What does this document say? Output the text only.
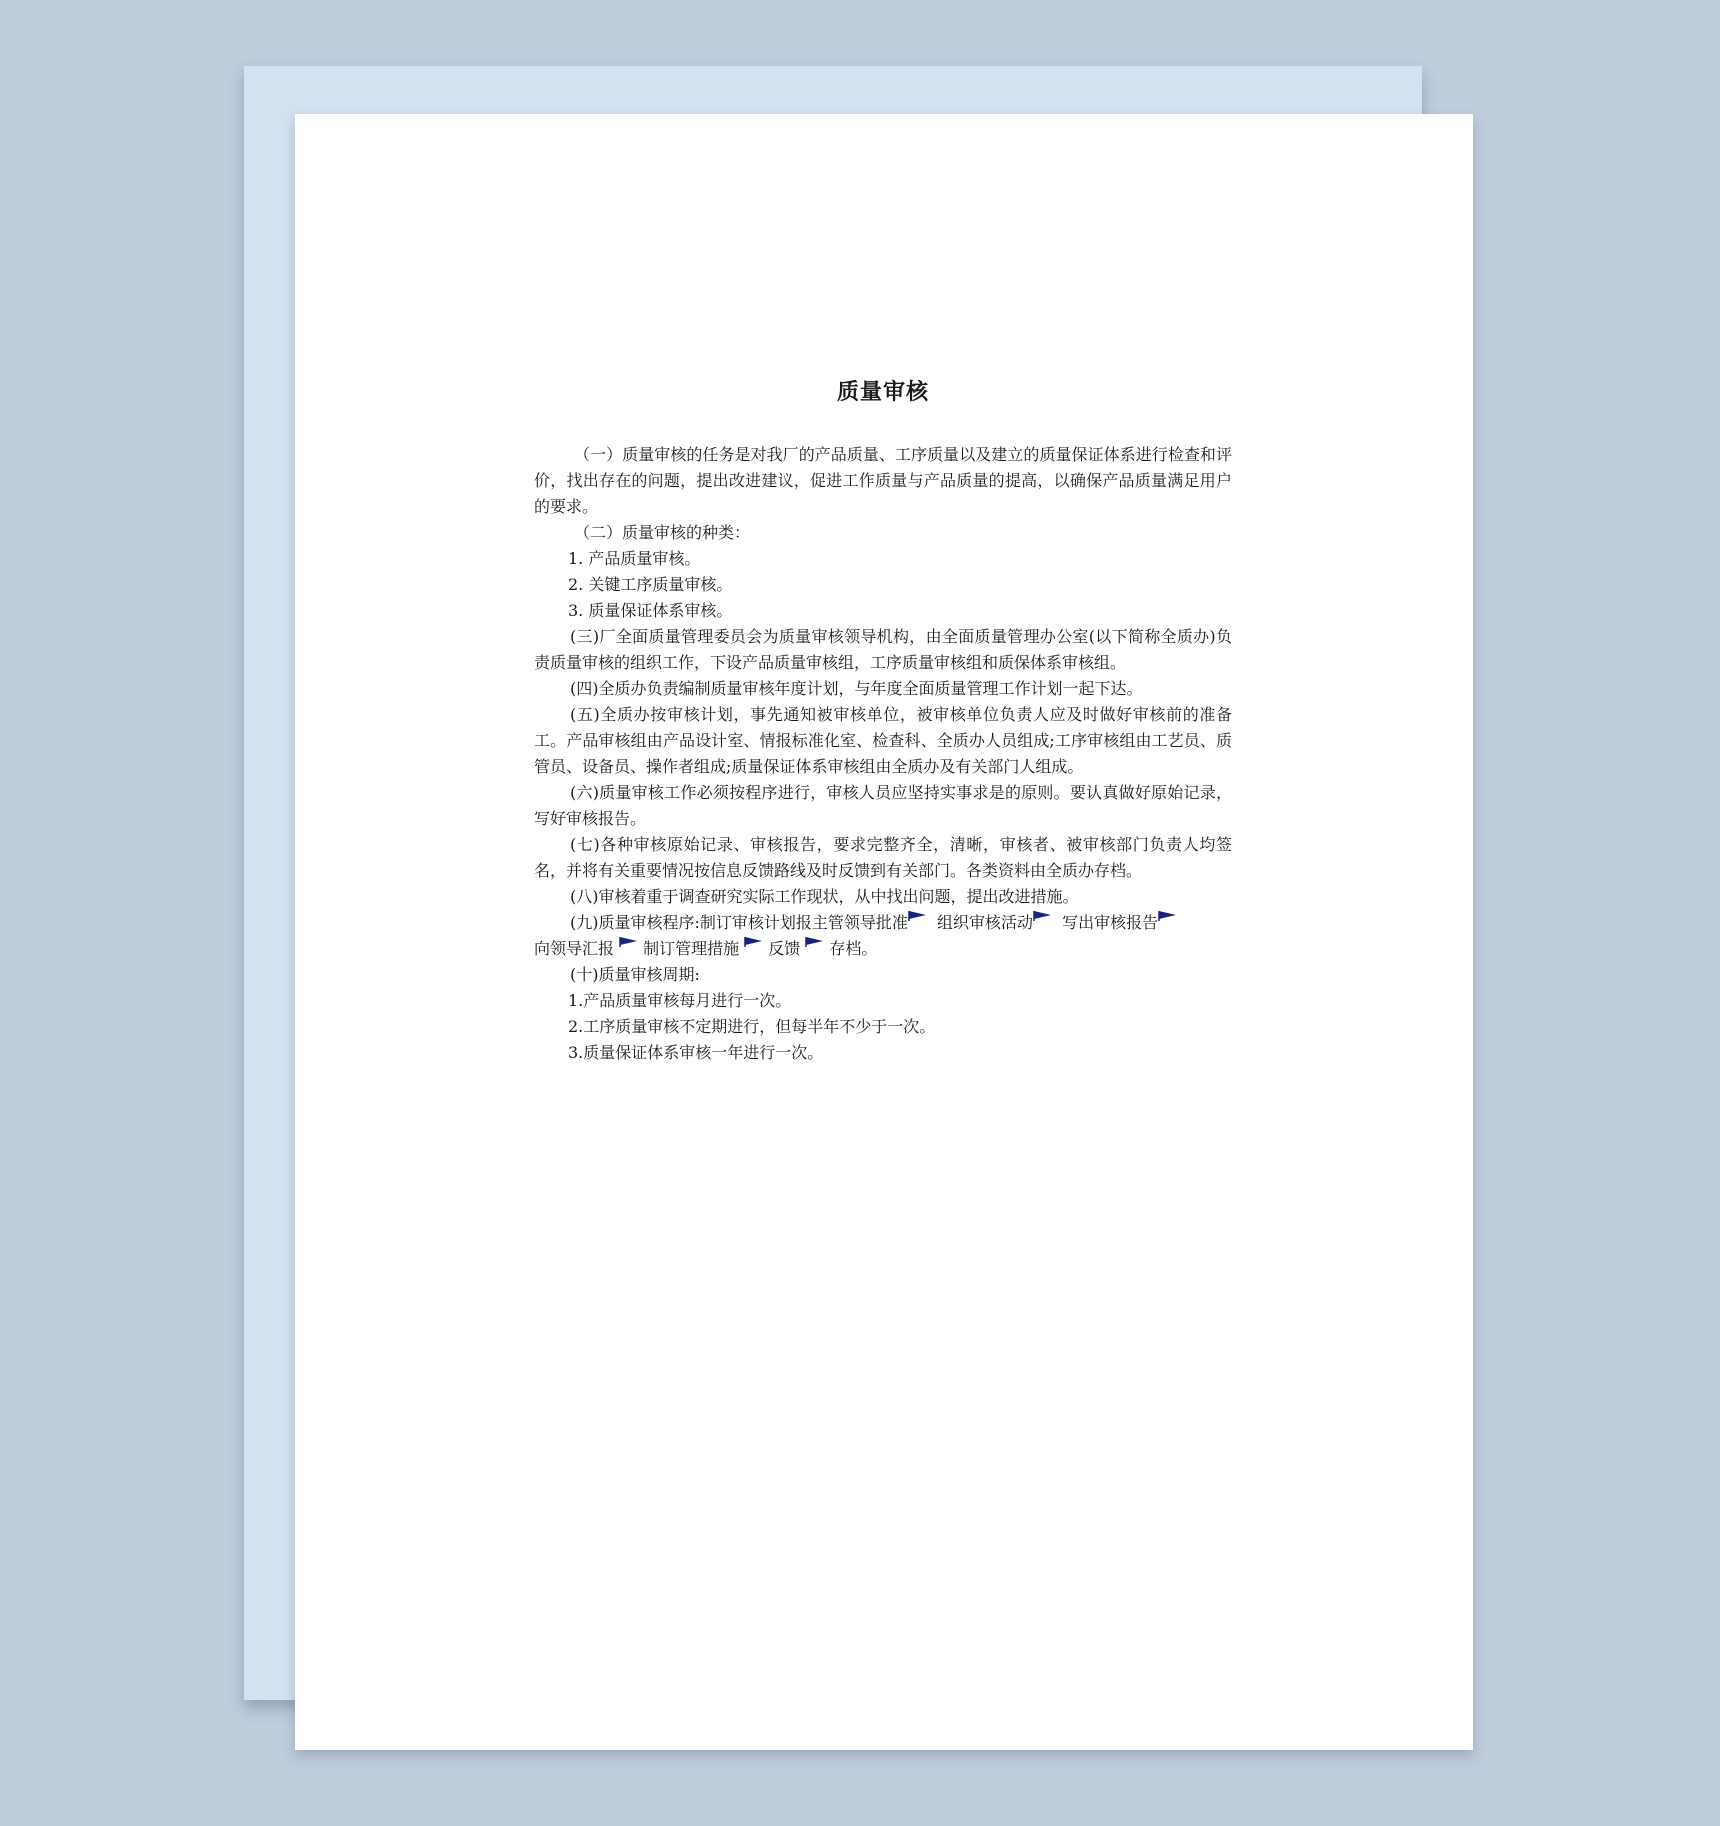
质量审核

（一）质量审核的任务是对我厂的产品质量、工序质量以及建立的质量保证体系进行检查和评价，找出存在的问题，提出改进建议，促进工作质量与产品质量的提高，以确保产品质量满足用户的要求。

（二）质量审核的种类：

1. 产品质量审核。

2. 关键工序质量审核。

3. 质量保证体系审核。

(三)厂全面质量管理委员会为质量审核领导机构，由全面质量管理办公室(以下简称全质办)负责质量审核的组织工作，下设产品质量审核组，工序质量审核组和质保体系审核组。

(四)全质办负责编制质量审核年度计划，与年度全面质量管理工作计划一起下达。

(五)全质办按审核计划，事先通知被审核单位，被审核单位负责人应及时做好审核前的准备工。产品审核组由产品设计室、情报标准化室、检查科、全质办人员组成;工序审核组由工艺员、质管员、设备员、操作者组成;质量保证体系审核组由全质办及有关部门人组成。

(六)质量审核工作必须按程序进行，审核人员应坚持实事求是的原则。要认真做好原始记录，写好审核报告。

(七)各种审核原始记录、审核报告，要求完整齐全，清晰，审核者、被审核部门负责人均签名，并将有关重要情况按信息反馈路线及时反馈到有关部门。各类资料由全质办存档。

(八)审核着重于调查研究实际工作现状，从中找出问题，提出改进措施。

(九)质量审核程序:制订审核计划报主管领导批准 组织审核活动 写出审核报告

向领导汇报 制订管理措施 反馈 存档。

(十)质量审核周期:

1.产品质量审核每月进行一次。

2.工序质量审核不定期进行，但每半年不少于一次。

3.质量保证体系审核一年进行一次。
